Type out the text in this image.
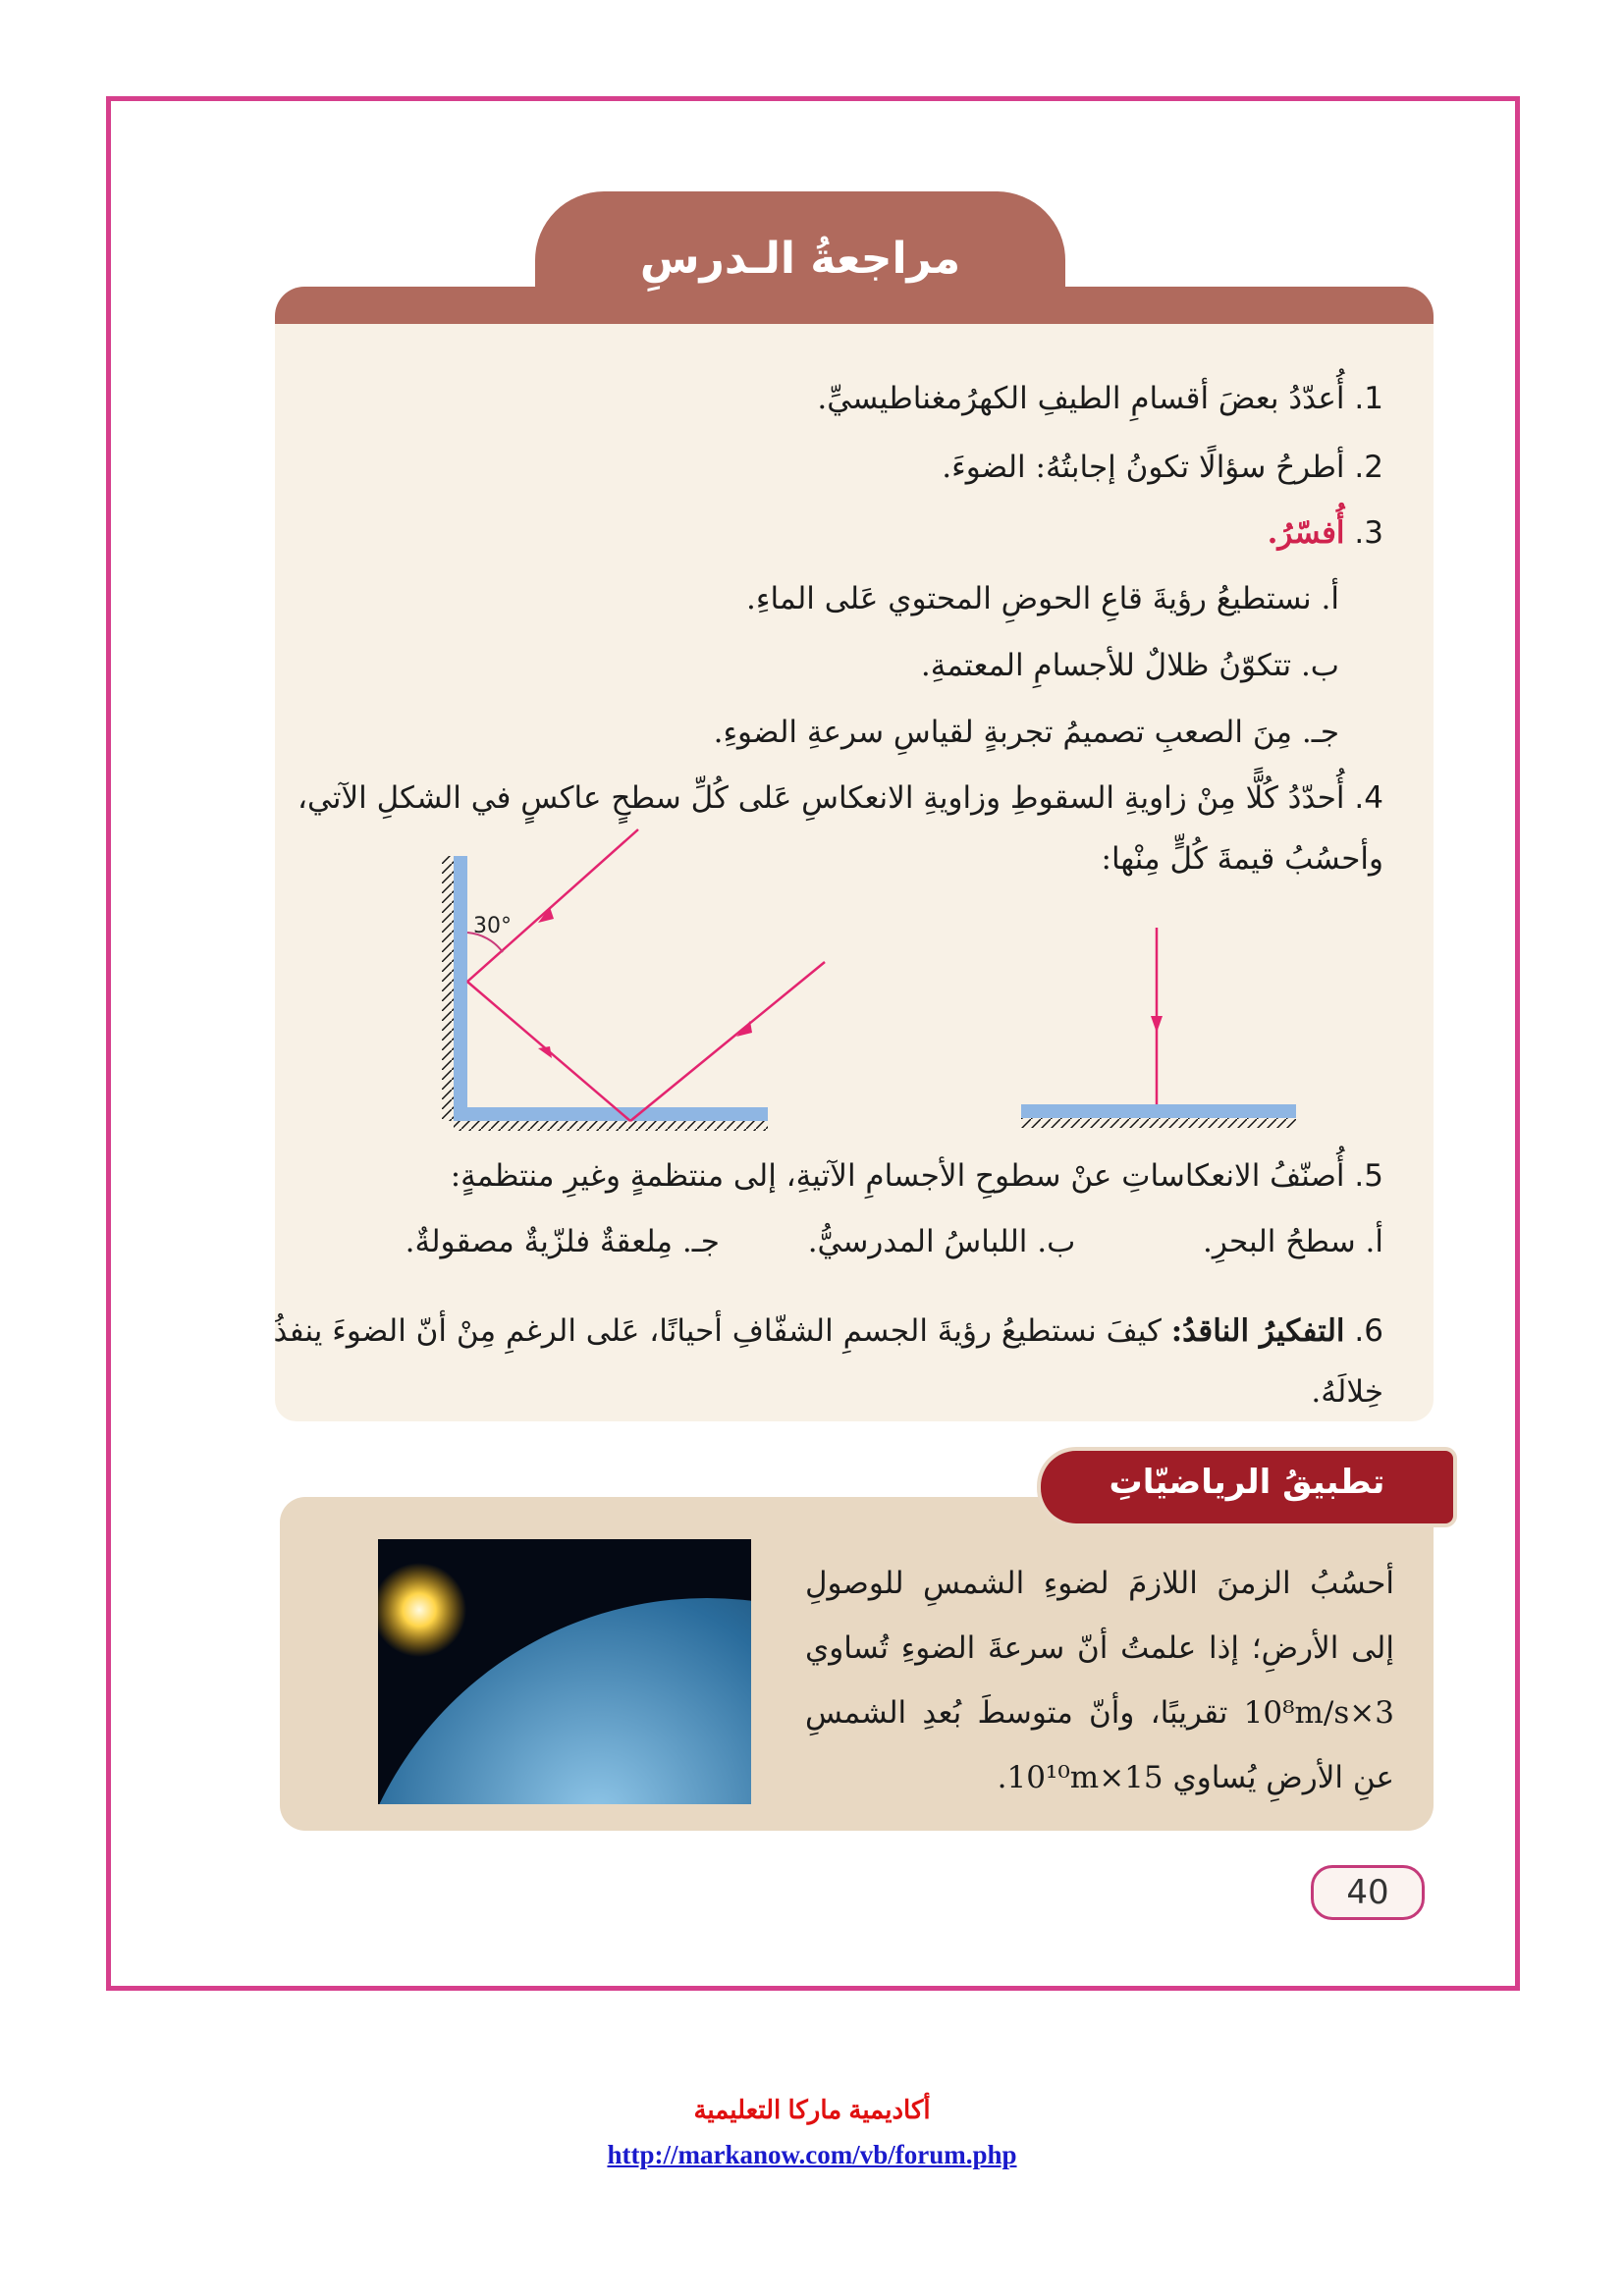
مراجعةُ الـدرسِ
1. أُعدّدُ بعضَ أقسامِ الطيفِ الكهرُمغناطيسيِّ.
2. أطرحُ سؤالًا تكونُ إجابتُهُ: الضوءَ.
3. أُفسّرُ.
أ. نستطيعُ رؤيةَ قاعِ الحوضِ المحتوي عَلى الماءِ.
ب. تتكوّنُ ظلالٌ للأجسامِ المعتمةِ.
جـ. مِنَ الصعبِ تصميمُ تجربةٍ لقياسِ سرعةِ الضوءِ.
4. أُحدّدُ كُلًّا مِنْ زاويةِ السقوطِ وزاويةِ الانعكاسِ عَلى كُلِّ سطحٍ عاكسٍ في الشكلِ الآتي، وأحسُبُ قيمةَ كُلٍّ مِنْها:
30°
5. أُصنّفُ الانعكاساتِ عنْ سطوحِ الأجسامِ الآتيةِ، إلى منتظمةٍ وغيرِ منتظمةٍ:
أ. سطحُ البحرِ.  ب. اللباسُ المدرسيُّ.  جـ. مِلعقةٌ فلزّيةٌ مصقولةٌ.
6. التفكيرُ الناقدُ: كيفَ نستطيعُ رؤيةَ الجسمِ الشفّافِ أحيانًا، عَلى الرغمِ مِنْ أنّ الضوءَ ينفذُ خِلالَهُ.
تطبيقُ الرياضيّاتِ
أحسُبُ الزمنَ اللازمَ لضوءِ الشمسِ للوصولِ إلى الأرضِ؛ إذا علمتُ أنّ سرعةَ الضوءِ تُساوي 3×10⁸m/s تقريبًا، وأنّ متوسطَ بُعدِ الشمسِ عنِ الأرضِ يُساوي 15×10¹⁰m.
40
أكاديمية ماركا التعليمية
http://markanow.com/vb/forum.php
